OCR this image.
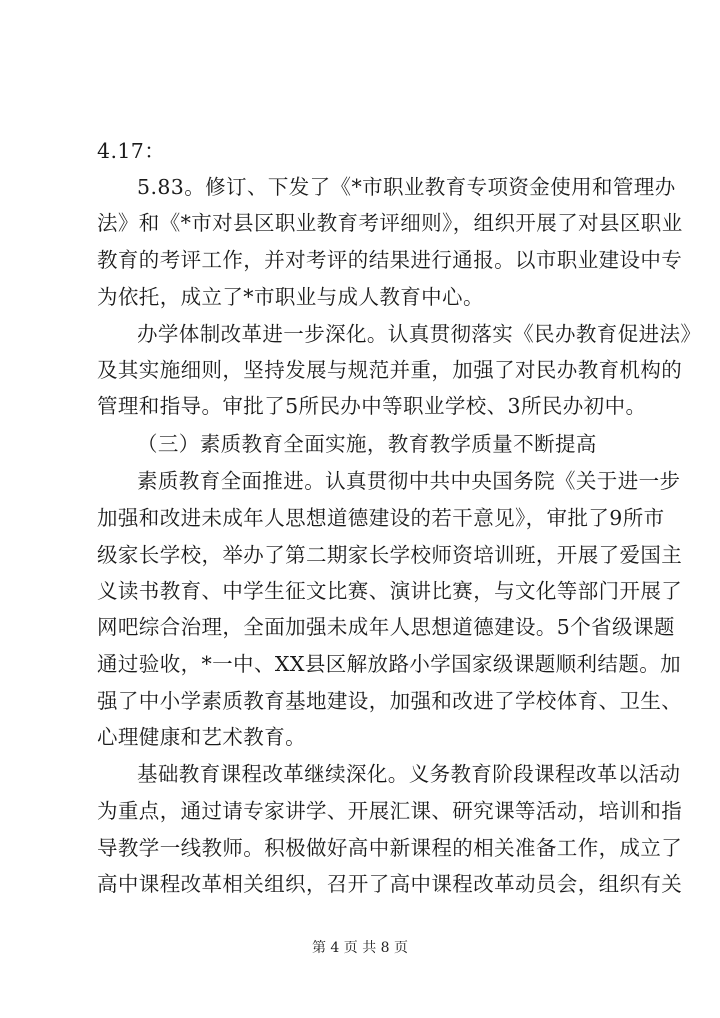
4.17：
5.83。修订、下发了《*市职业教育专项资金使用和管理办
法》和《*市对县区职业教育考评细则》，组织开展了对县区职业
教育的考评工作，并对考评的结果进行通报。以市职业建设中专
为依托，成立了*市职业与成人教育中心。
办学体制改革进一步深化。认真贯彻落实《民办教育促进法》
及其实施细则，坚持发展与规范并重，加强了对民办教育机构的
管理和指导。审批了5所民办中等职业学校、3所民办初中。
（三）素质教育全面实施，教育教学质量不断提高
素质教育全面推进。认真贯彻中共中央国务院《关于进一步
加强和改进未成年人思想道德建设的若干意见》，审批了9所市
级家长学校，举办了第二期家长学校师资培训班，开展了爱国主
义读书教育、中学生征文比赛、演讲比赛，与文化等部门开展了
网吧综合治理，全面加强未成年人思想道德建设。5个省级课题
通过验收，*一中、XX县区解放路小学国家级课题顺利结题。加
强了中小学素质教育基地建设，加强和改进了学校体育、卫生、
心理健康和艺术教育。
基础教育课程改革继续深化。义务教育阶段课程改革以活动
为重点，通过请专家讲学、开展汇课、研究课等活动，培训和指
导教学一线教师。积极做好高中新课程的相关准备工作，成立了
高中课程改革相关组织，召开了高中课程改革动员会，组织有关
第 4 页 共 8 页
